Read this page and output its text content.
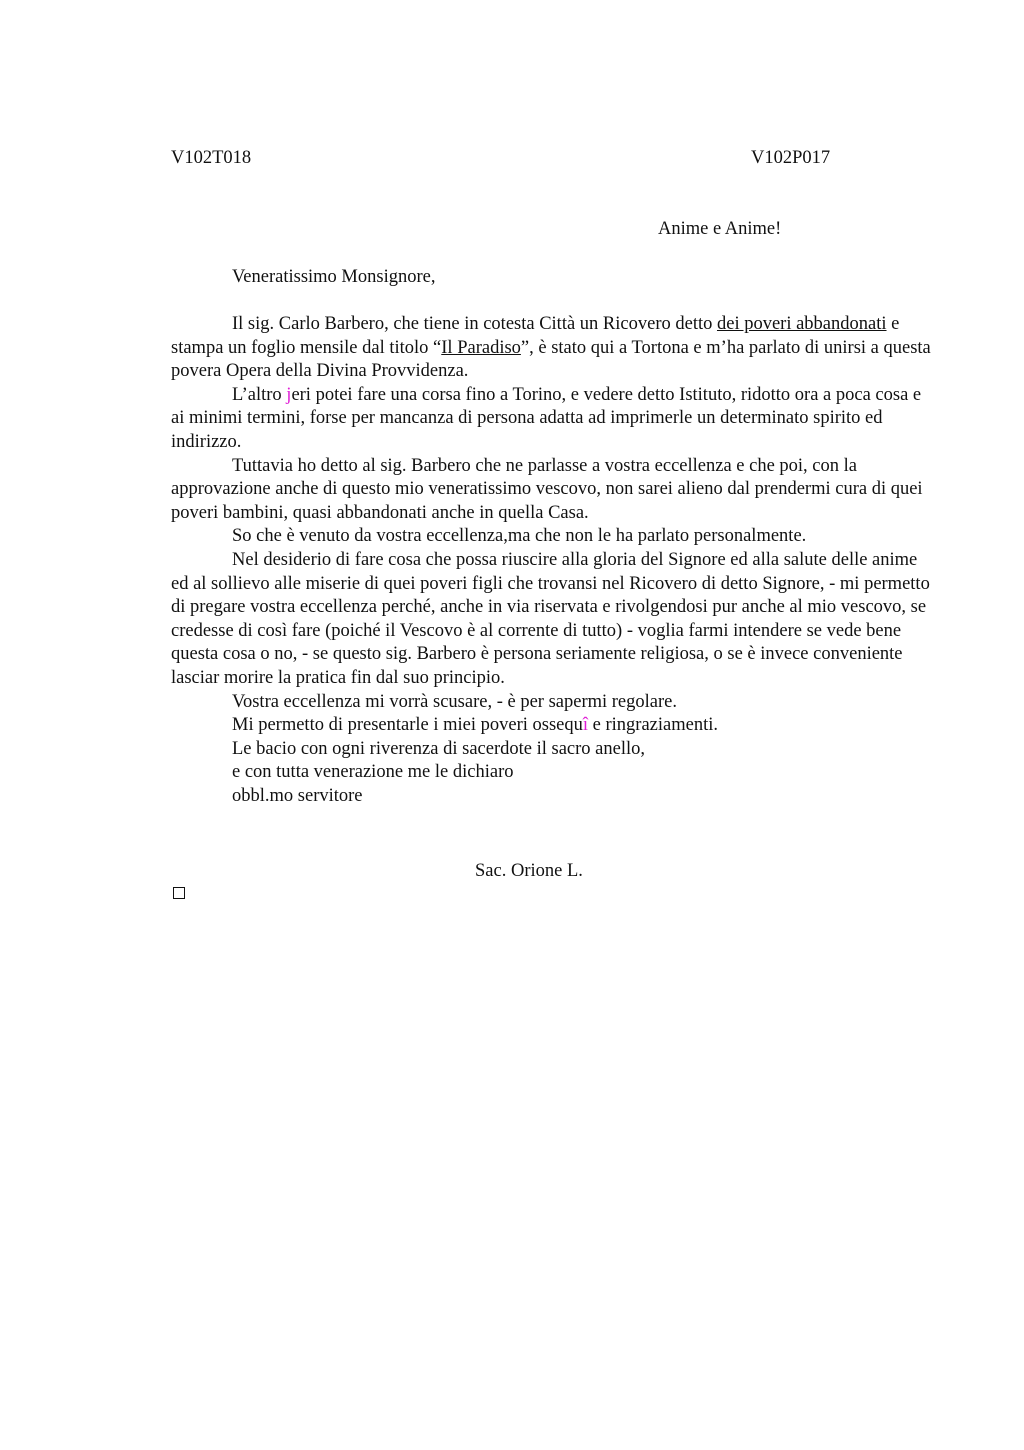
V102T018	V102P017
Anime e Anime!
Veneratissimo Monsignore,

Il sig. Carlo Barbero, che tiene in cotesta Città un Ricovero detto dei poveri abbandonati e stampa un foglio mensile dal titolo “Il Paradiso”, è stato qui a Tortona e m’ha parlato di unirsi a questa povera Opera della Divina Provvidenza.

L’altro jeri potei fare una corsa fino a Torino, e vedere detto Istituto, ridotto ora a poca cosa e ai minimi termini, forse per mancanza di persona adatta ad imprimerle un determinato spirito ed indirizzo.

Tuttavia ho detto al sig. Barbero che ne parlasse a vostra eccellenza e che poi, con la approvazione anche di questo mio veneratissimo vescovo, non sarei alieno dal prendermi cura di quei poveri bambini, quasi abbandonati anche in quella Casa.

So che è venuto da vostra eccellenza,ma che non le ha parlato personalmente.

Nel desiderio di fare cosa che possa riuscire alla gloria del Signore ed alla salute delle anime ed al sollievo alle miserie di quei poveri figli che trovansi nel Ricovero di detto Signore, - mi permetto di pregare vostra eccellenza perché, anche in via riservata e rivolgendosi pur anche al mio vescovo, se credesse di così fare (poiché il Vescovo è al corrente di tutto) - voglia farmi intendere se vede bene questa cosa o no, - se questo sig. Barbero è persona seriamente religiosa, o se è invece conveniente lasciar morire la pratica fin dal suo principio.

Vostra eccellenza mi vorrà scusare, - è per sapermi regolare.

Mi permetto di presentarle i miei poveri ossequî e ringraziamenti.

Le bacio con ogni riverenza di sacerdote il sacro anello,

e con tutta venerazione me le dichiaro

obbl.mo servitore

Sac. Orione L.
